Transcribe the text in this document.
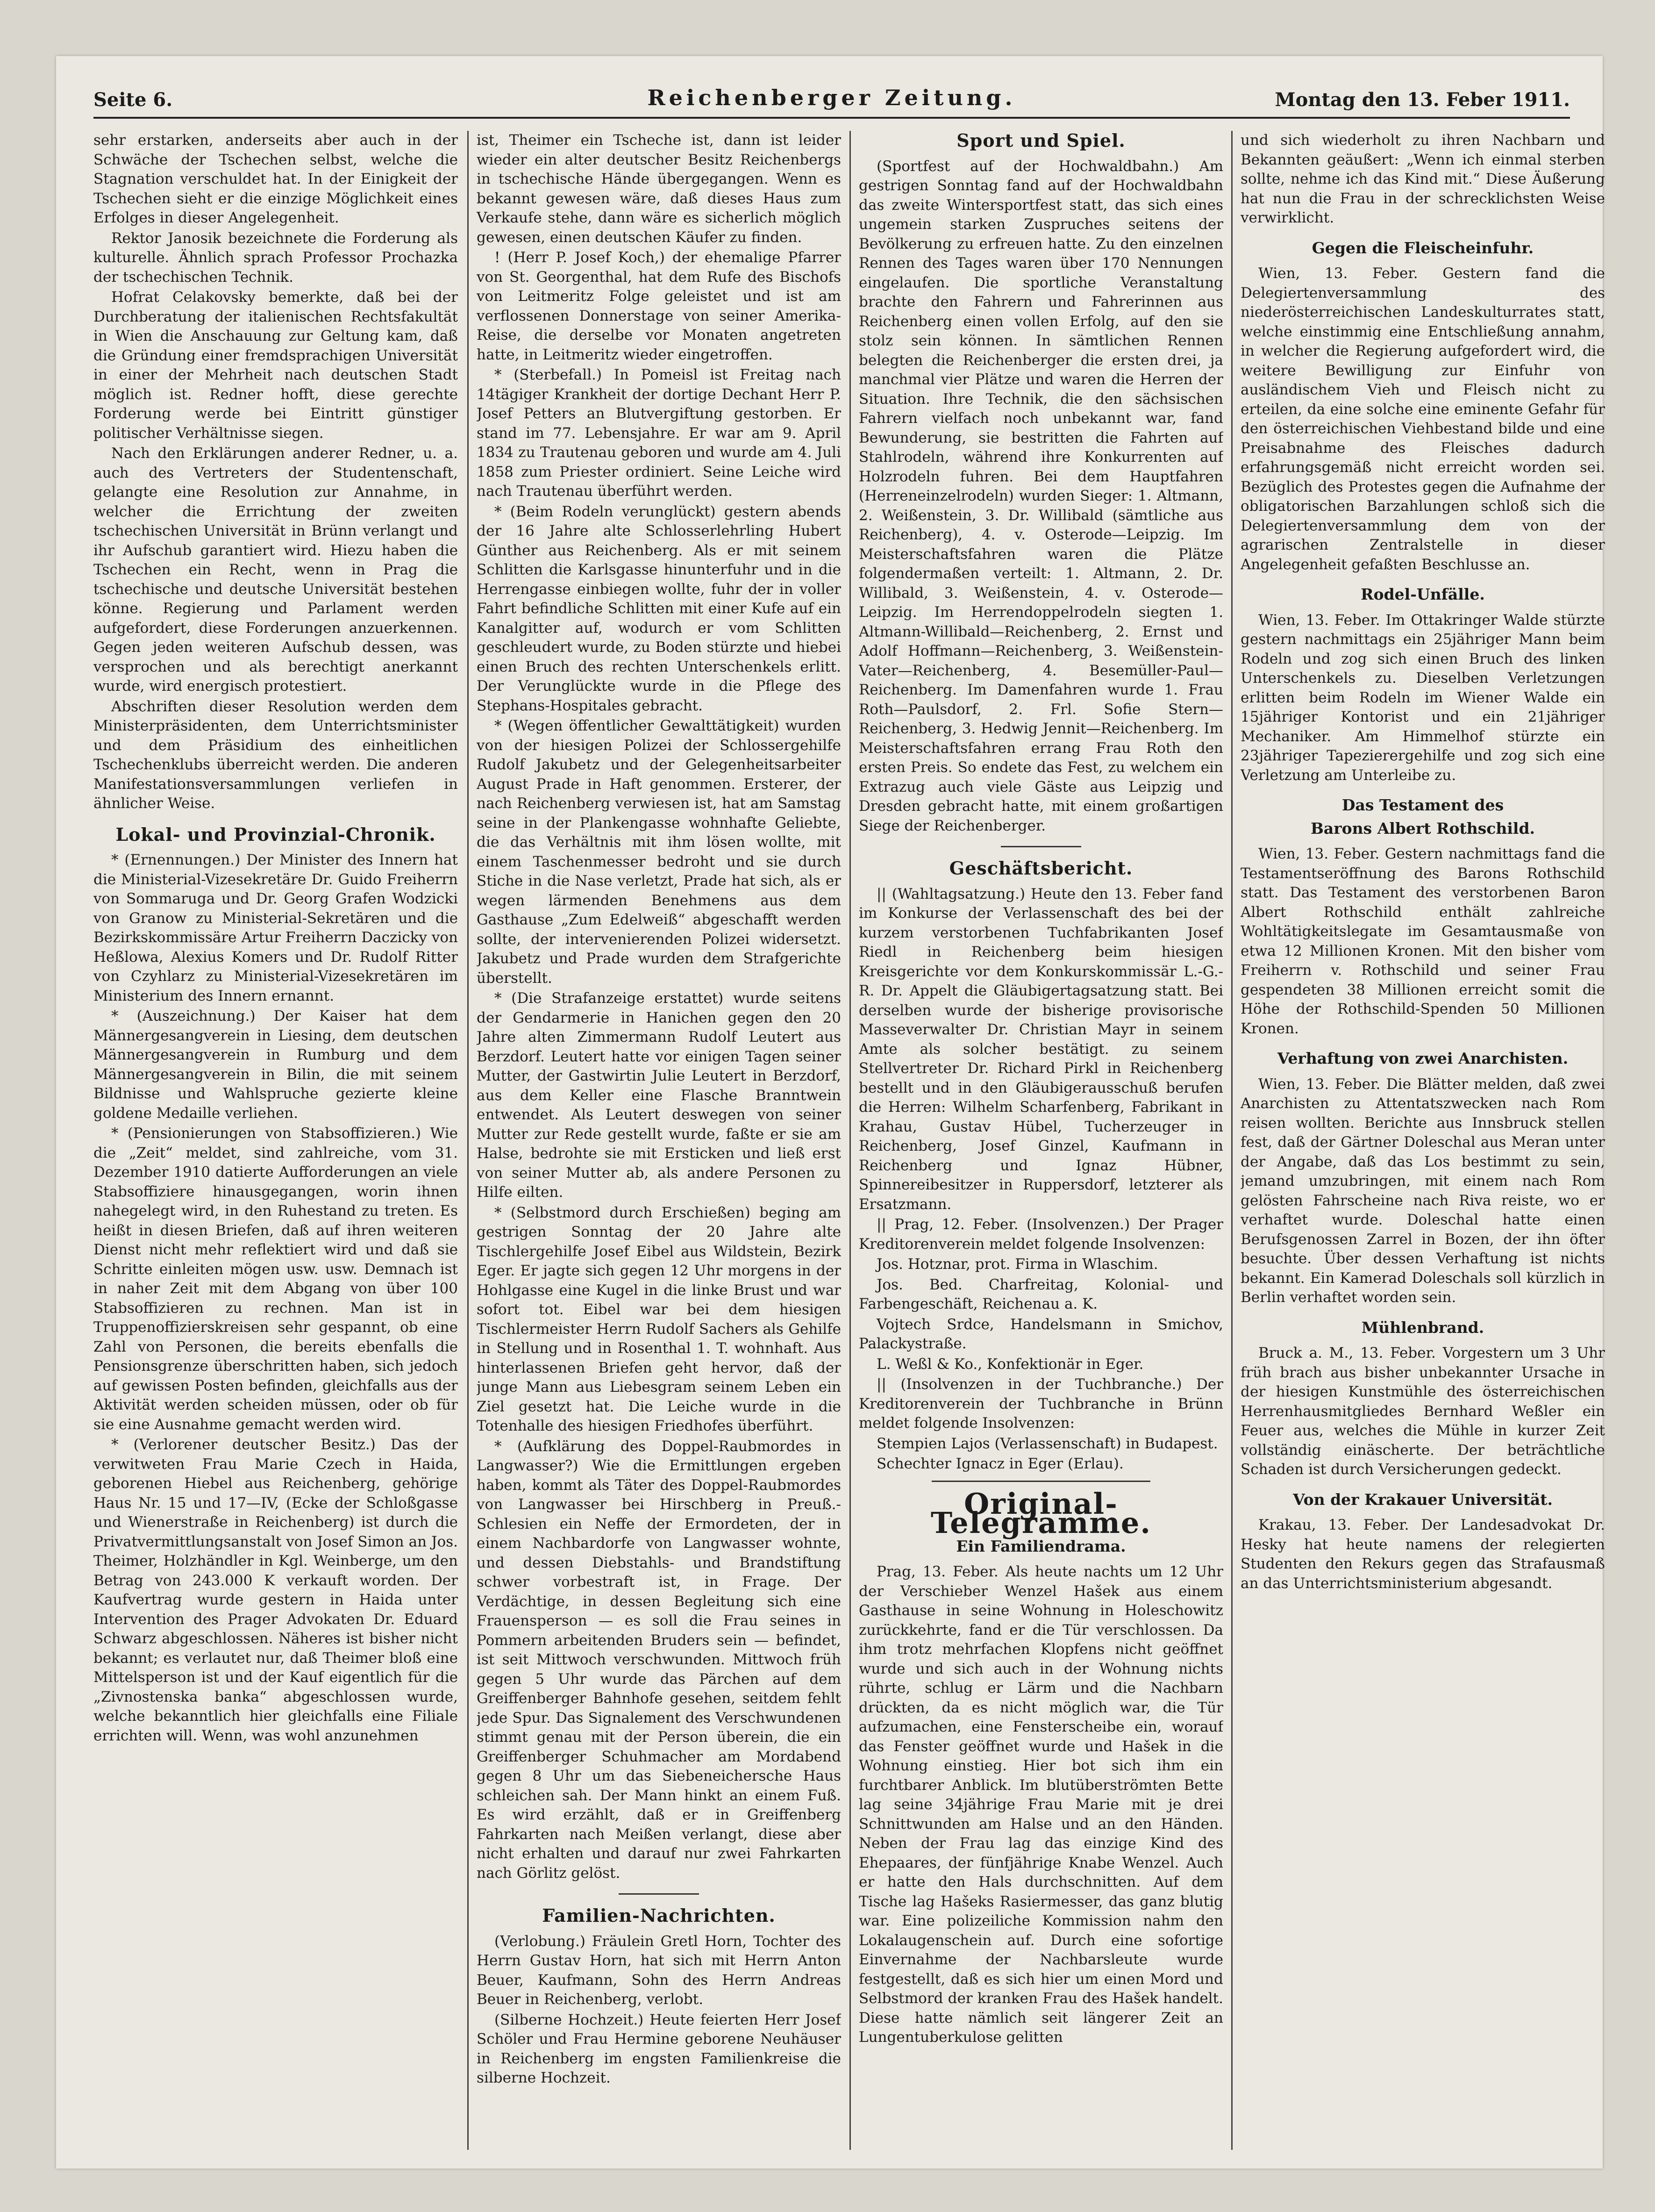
Seite 6.	Reichenberger Zeitung.	Montag den 13. Feber 1911.

sehr erstarken, anderseits aber auch in der Schwäche der Tschechen selbst, welche die Stagnation verschuldet hat. In der Einigkeit der Tschechen sieht er die einzige Möglichkeit eines Erfolges in dieser Angelegenheit.

Rektor Janosik bezeichnete die Forderung als kulturelle. Ähnlich sprach Professor Prochazka der tschechischen Technik.

Hofrat Celakovsky bemerkte, daß bei der Durchberatung der italienischen Rechtsfakultät in Wien die Anschauung zur Geltung kam, daß die Gründung einer fremdsprachigen Universität in einer der Mehrheit nach deutschen Stadt möglich ist. Redner hofft, diese gerechte Forderung werde bei Eintritt günstiger politischer Verhältnisse siegen.

Nach den Erklärungen anderer Redner, u. a. auch des Vertreters der Studentenschaft, gelangte eine Resolution zur Annahme, in welcher die Errichtung der zweiten tschechischen Universität in Brünn verlangt und ihr Aufschub garantiert wird. Hiezu haben die Tschechen ein Recht, wenn in Prag die tschechische und deutsche Universität bestehen könne. Regierung und Parlament werden aufgefordert, diese Forderungen anzuerkennen. Gegen jeden weiteren Aufschub dessen, was versprochen und als berechtigt anerkannt wurde, wird energisch protestiert.

Abschriften dieser Resolution werden dem Ministerpräsidenten, dem Unterrichtsminister und dem Präsidium des einheitlichen Tschechenklubs überreicht werden. Die anderen Manifestationsversammlungen verliefen in ähnlicher Weise.

Lokal- und Provinzial-Chronik.

* (Ernennungen.) Der Minister des Innern hat die Ministerial-Vizesekretäre Dr. Guido Freiherrn von Sommaruga und Dr. Georg Grafen Wodzicki von Granow zu Ministerial-Sekretären und die Bezirkskommissäre Artur Freiherrn Daczicky von Heßlowa, Alexius Komers und Dr. Rudolf Ritter von Czyhlarz zu Ministerial-Vizesekretären im Ministerium des Innern ernannt.

* (Auszeichnung.) Der Kaiser hat dem Männergesangverein in Liesing, dem deutschen Männergesangverein in Rumburg und dem Männergesangverein in Bilin, die mit seinem Bildnisse und Wahlspruche gezierte kleine goldene Medaille verliehen.

* (Pensionierungen von Stabsoffizieren.) Wie die „Zeit“ meldet, sind zahlreiche, vom 31. Dezember 1910 datierte Aufforderungen an viele Stabsoffiziere hinausgegangen, worin ihnen nahegelegt wird, in den Ruhestand zu treten. Es heißt in diesen Briefen, daß auf ihren weiteren Dienst nicht mehr reflektiert wird und daß sie Schritte einleiten mögen usw. usw. Demnach ist in naher Zeit mit dem Abgang von über 100 Stabsoffizieren zu rechnen. Man ist in Truppenoffizierskreisen sehr gespannt, ob eine Zahl von Personen, die bereits ebenfalls die Pensionsgrenze überschritten haben, sich jedoch auf gewissen Posten befinden, gleichfalls aus der Aktivität werden scheiden müssen, oder ob für sie eine Ausnahme gemacht werden wird.

* (Verlorener deutscher Besitz.) Das der verwitweten Frau Marie Czech in Haida, geborenen Hiebel aus Reichenberg, gehörige Haus Nr. 15 und 17—IV, (Ecke der Schloßgasse und Wienerstraße in Reichenberg) ist durch die Privatvermittlungsanstalt von Josef Simon an Jos. Theimer, Holzhändler in Kgl. Weinberge, um den Betrag von 243.000 K verkauft worden. Der Kaufvertrag wurde gestern in Haida unter Intervention des Prager Advokaten Dr. Eduard Schwarz abgeschlossen. Näheres ist bisher nicht bekannt; es verlautet nur, daß Theimer bloß eine Mittelsperson ist und der Kauf eigentlich für die „Zivnostenska banka“ abgeschlossen wurde, welche bekanntlich hier gleichfalls eine Filiale errichten will. Wenn, was wohl anzunehmen

ist, Theimer ein Tscheche ist, dann ist leider wieder ein alter deutscher Besitz Reichenbergs in tschechische Hände übergegangen. Wenn es bekannt gewesen wäre, daß dieses Haus zum Verkaufe stehe, dann wäre es sicherlich möglich gewesen, einen deutschen Käufer zu finden.

! (Herr P. Josef Koch,) der ehemalige Pfarrer von St. Georgenthal, hat dem Rufe des Bischofs von Leitmeritz Folge geleistet und ist am verflossenen Donnerstage von seiner Amerika-Reise, die derselbe vor Monaten angetreten hatte, in Leitmeritz wieder eingetroffen.

* (Sterbefall.) In Pomeisl ist Freitag nach 14tägiger Krankheit der dortige Dechant Herr P. Josef Petters an Blutvergiftung gestorben. Er stand im 77. Lebensjahre. Er war am 9. April 1834 zu Trautenau geboren und wurde am 4. Juli 1858 zum Priester ordiniert. Seine Leiche wird nach Trautenau überführt werden.

* (Beim Rodeln verunglückt) gestern abends der 16 Jahre alte Schlosserlehrling Hubert Günther aus Reichenberg. Als er mit seinem Schlitten die Karlsgasse hinunterfuhr und in die Herrengasse einbiegen wollte, fuhr der in voller Fahrt befindliche Schlitten mit einer Kufe auf ein Kanalgitter auf, wodurch er vom Schlitten geschleudert wurde, zu Boden stürzte und hiebei einen Bruch des rechten Unterschenkels erlitt. Der Verunglückte wurde in die Pflege des Stephans-Hospitales gebracht.

* (Wegen öffentlicher Gewalttätigkeit) wurden von der hiesigen Polizei der Schlossergehilfe Rudolf Jakubetz und der Gelegenheitsarbeiter August Prade in Haft genommen. Ersterer, der nach Reichenberg verwiesen ist, hat am Samstag seine in der Plankengasse wohnhafte Geliebte, die das Verhältnis mit ihm lösen wollte, mit einem Taschenmesser bedroht und sie durch Stiche in die Nase verletzt, Prade hat sich, als er wegen lärmenden Benehmens aus dem Gasthause „Zum Edelweiß“ abgeschafft werden sollte, der intervenierenden Polizei widersetzt. Jakubetz und Prade wurden dem Strafgerichte überstellt.

* (Die Strafanzeige erstattet) wurde seitens der Gendarmerie in Hanichen gegen den 20 Jahre alten Zimmermann Rudolf Leutert aus Berzdorf. Leutert hatte vor einigen Tagen seiner Mutter, der Gastwirtin Julie Leutert in Berzdorf, aus dem Keller eine Flasche Branntwein entwendet. Als Leutert deswegen von seiner Mutter zur Rede gestellt wurde, faßte er sie am Halse, bedrohte sie mit Ersticken und ließ erst von seiner Mutter ab, als andere Personen zu Hilfe eilten.

* (Selbstmord durch Erschießen) beging am gestrigen Sonntag der 20 Jahre alte Tischlergehilfe Josef Eibel aus Wildstein, Bezirk Eger. Er jagte sich gegen 12 Uhr morgens in der Hohlgasse eine Kugel in die linke Brust und war sofort tot. Eibel war bei dem hiesigen Tischlermeister Herrn Rudolf Sachers als Gehilfe in Stellung und in Rosenthal 1. T. wohnhaft. Aus hinterlassenen Briefen geht hervor, daß der junge Mann aus Liebesgram seinem Leben ein Ziel gesetzt hat. Die Leiche wurde in die Totenhalle des hiesigen Friedhofes überführt.

* (Aufklärung des Doppel-Raubmordes in Langwasser?) Wie die Ermittlungen ergeben haben, kommt als Täter des Doppel-Raubmordes von Langwasser bei Hirschberg in Preuß.-Schlesien ein Neffe der Ermordeten, der in einem Nachbardorfe von Langwasser wohnte, und dessen Diebstahls- und Brandstiftung schwer vorbestraft ist, in Frage. Der Verdächtige, in dessen Begleitung sich eine Frauensperson — es soll die Frau seines in Pommern arbeitenden Bruders sein — befindet, ist seit Mittwoch verschwunden. Mittwoch früh gegen 5 Uhr wurde das Pärchen auf dem Greiffenberger Bahnhofe gesehen, seitdem fehlt jede Spur. Das Signalement des Verschwundenen stimmt genau mit der Person überein, die ein Greiffenberger Schuhmacher am Mordabend gegen 8 Uhr um das Siebeneichersche Haus schleichen sah. Der Mann hinkt an einem Fuß. Es wird erzählt, daß er in Greiffenberg Fahrkarten nach Meißen verlangt, diese aber nicht erhalten und darauf nur zwei Fahrkarten nach Görlitz gelöst.

Familien-Nachrichten.

(Verlobung.) Fräulein Gretl Horn, Tochter des Herrn Gustav Horn, hat sich mit Herrn Anton Beuer, Kaufmann, Sohn des Herrn Andreas Beuer in Reichenberg, verlobt.

(Silberne Hochzeit.) Heute feierten Herr Josef Schöler und Frau Hermine geborene Neuhäuser in Reichenberg im engsten Familienkreise die silberne Hochzeit.

Sport und Spiel.

(Sportfest auf der Hochwaldbahn.) Am gestrigen Sonntag fand auf der Hochwaldbahn das zweite Wintersportfest statt, das sich eines ungemein starken Zuspruches seitens der Bevölkerung zu erfreuen hatte. Zu den einzelnen Rennen des Tages waren über 170 Nennungen eingelaufen. Die sportliche Veranstaltung brachte den Fahrern und Fahrerinnen aus Reichenberg einen vollen Erfolg, auf den sie stolz sein können. In sämtlichen Rennen belegten die Reichenberger die ersten drei, ja manchmal vier Plätze und waren die Herren der Situation. Ihre Technik, die den sächsischen Fahrern vielfach noch unbekannt war, fand Bewunderung, sie bestritten die Fahrten auf Stahlrodeln, während ihre Konkurrenten auf Holzrodeln fuhren. Bei dem Hauptfahren (Herreneinzelrodeln) wurden Sieger: 1. Altmann, 2. Weißenstein, 3. Dr. Willibald (sämtliche aus Reichenberg), 4. v. Osterode—Leipzig. Im Meisterschaftsfahren waren die Plätze folgendermaßen verteilt: 1. Altmann, 2. Dr. Willibald, 3. Weißenstein, 4. v. Osterode—Leipzig. Im Herrendoppelrodeln siegten 1. Altmann-Willibald—Reichenberg, 2. Ernst und Adolf Hoffmann—Reichenberg, 3. Weißenstein-Vater—Reichenberg, 4. Besemüller-Paul—Reichenberg. Im Damenfahren wurde 1. Frau Roth—Paulsdorf, 2. Frl. Sofie Stern—Reichenberg, 3. Hedwig Jennit—Reichenberg. Im Meisterschaftsfahren errang Frau Roth den ersten Preis. So endete das Fest, zu welchem ein Extrazug auch viele Gäste aus Leipzig und Dresden gebracht hatte, mit einem großartigen Siege der Reichenberger.

Geschäftsbericht.

|| (Wahltagsatzung.) Heute den 13. Feber fand im Konkurse der Verlassenschaft des bei der kurzem verstorbenen Tuchfabrikanten Josef Riedl in Reichenberg beim hiesigen Kreisgerichte vor dem Konkurskommissär L.-G.-R. Dr. Appelt die Gläubigertagsatzung statt. Bei derselben wurde der bisherige provisorische Masseverwalter Dr. Christian Mayr in seinem Amte als solcher bestätigt. zu seinem Stellvertreter Dr. Richard Pirkl in Reichenberg bestellt und in den Gläubigerausschuß berufen die Herren: Wilhelm Scharfenberg, Fabrikant in Krahau, Gustav Hübel, Tucherzeuger in Reichenberg, Josef Ginzel, Kaufmann in Reichenberg und Ignaz Hübner, Spinnereibesitzer in Ruppersdorf, letzterer als Ersatzmann.

|| Prag, 12. Feber. (Insolvenzen.) Der Prager Kreditorenverein meldet folgende Insolvenzen:

Jos. Hotznar, prot. Firma in Wlaschim.

Jos. Bed. Charfreitag, Kolonial- und Farbengeschäft, Reichenau a. K.

Vojtech Srdce, Handelsmann in Smichov, Palackystraße.

L. Weßl & Ko., Konfektionär in Eger.

|| (Insolvenzen in der Tuchbranche.) Der Kreditorenverein der Tuchbranche in Brünn meldet folgende Insolvenzen:

Stempien Lajos (Verlassenschaft) in Budapest.

Schechter Ignacz in Eger (Erlau).

Original-Telegramme.
Ein Familiendrama.

Prag, 13. Feber. Als heute nachts um 12 Uhr der Verschieber Wenzel Hašek aus einem Gasthause in seine Wohnung in Holeschowitz zurückkehrte, fand er die Tür verschlossen. Da ihm trotz mehrfachen Klopfens nicht geöffnet wurde und sich auch in der Wohnung nichts rührte, schlug er Lärm und die Nachbarn drückten, da es nicht möglich war, die Tür aufzumachen, eine Fensterscheibe ein, worauf das Fenster geöffnet wurde und Hašek in die Wohnung einstieg. Hier bot sich ihm ein furchtbarer Anblick. Im blutüberströmten Bette lag seine 34jährige Frau Marie mit je drei Schnittwunden am Halse und an den Händen. Neben der Frau lag das einzige Kind des Ehepaares, der fünfjährige Knabe Wenzel. Auch er hatte den Hals durchschnitten. Auf dem Tische lag Hašeks Rasiermesser, das ganz blutig war. Eine polizeiliche Kommission nahm den Lokalaugenschein auf. Durch eine sofortige Einvernahme der Nachbarsleute wurde festgestellt, daß es sich hier um einen Mord und Selbstmord der kranken Frau des Hašek handelt. Diese hatte nämlich seit längerer Zeit an Lungentuberkulose gelitten

und sich wiederholt zu ihren Nachbarn und Bekannten geäußert: „Wenn ich einmal sterben sollte, nehme ich das Kind mit.“ Diese Äußerung hat nun die Frau in der schrecklichsten Weise verwirklicht.

Gegen die Fleischeinfuhr.

Wien, 13. Feber. Gestern fand die Delegiertenversammlung des niederösterreichischen Landeskulturrates statt, welche einstimmig eine Entschließung annahm, in welcher die Regierung aufgefordert wird, die weitere Bewilligung zur Einfuhr von ausländischem Vieh und Fleisch nicht zu erteilen, da eine solche eine eminente Gefahr für den österreichischen Viehbestand bilde und eine Preisabnahme des Fleisches dadurch erfahrungsgemäß nicht erreicht worden sei. Bezüglich des Protestes gegen die Aufnahme der obligatorischen Barzahlungen schloß sich die Delegiertenversammlung dem von der agrarischen Zentralstelle in dieser Angelegenheit gefaßten Beschlusse an.

Rodel-Unfälle.

Wien, 13. Feber. Im Ottakringer Walde stürzte gestern nachmittags ein 25jähriger Mann beim Rodeln und zog sich einen Bruch des linken Unterschenkels zu. Dieselben Verletzungen erlitten beim Rodeln im Wiener Walde ein 15jähriger Kontorist und ein 21jähriger Mechaniker. Am Himmelhof stürzte ein 23jähriger Tapezierergehilfe und zog sich eine Verletzung am Unterleibe zu.

Das Testament des
Barons Albert Rothschild.

Wien, 13. Feber. Gestern nachmittags fand die Testamentseröffnung des Barons Rothschild statt. Das Testament des verstorbenen Baron Albert Rothschild enthält zahlreiche Wohltätigkeitslegate im Gesamtausmaße von etwa 12 Millionen Kronen. Mit den bisher vom Freiherrn v. Rothschild und seiner Frau gespendeten 38 Millionen erreicht somit die Höhe der Rothschild-Spenden 50 Millionen Kronen.

Verhaftung von zwei Anarchisten.

Wien, 13. Feber. Die Blätter melden, daß zwei Anarchisten zu Attentatszwecken nach Rom reisen wollten. Berichte aus Innsbruck stellen fest, daß der Gärtner Doleschal aus Meran unter der Angabe, daß das Los bestimmt zu sein, jemand umzubringen, mit einem nach Rom gelösten Fahrscheine nach Riva reiste, wo er verhaftet wurde. Doleschal hatte einen Berufsgenossen Zarrel in Bozen, der ihn öfter besuchte. Über dessen Verhaftung ist nichts bekannt. Ein Kamerad Doleschals soll kürzlich in Berlin verhaftet worden sein.

Mühlenbrand.

Bruck a. M., 13. Feber. Vorgestern um 3 Uhr früh brach aus bisher unbekannter Ursache in der hiesigen Kunstmühle des österreichischen Herrenhausmitgliedes Bernhard Weßler ein Feuer aus, welches die Mühle in kurzer Zeit vollständig einäscherte. Der beträchtliche Schaden ist durch Versicherungen gedeckt.

Von der Krakauer Universität.

Krakau, 13. Feber. Der Landesadvokat Dr. Hesky hat heute namens der relegierten Studenten den Rekurs gegen das Strafausmaß an das Unterrichtsministerium abgesandt.
